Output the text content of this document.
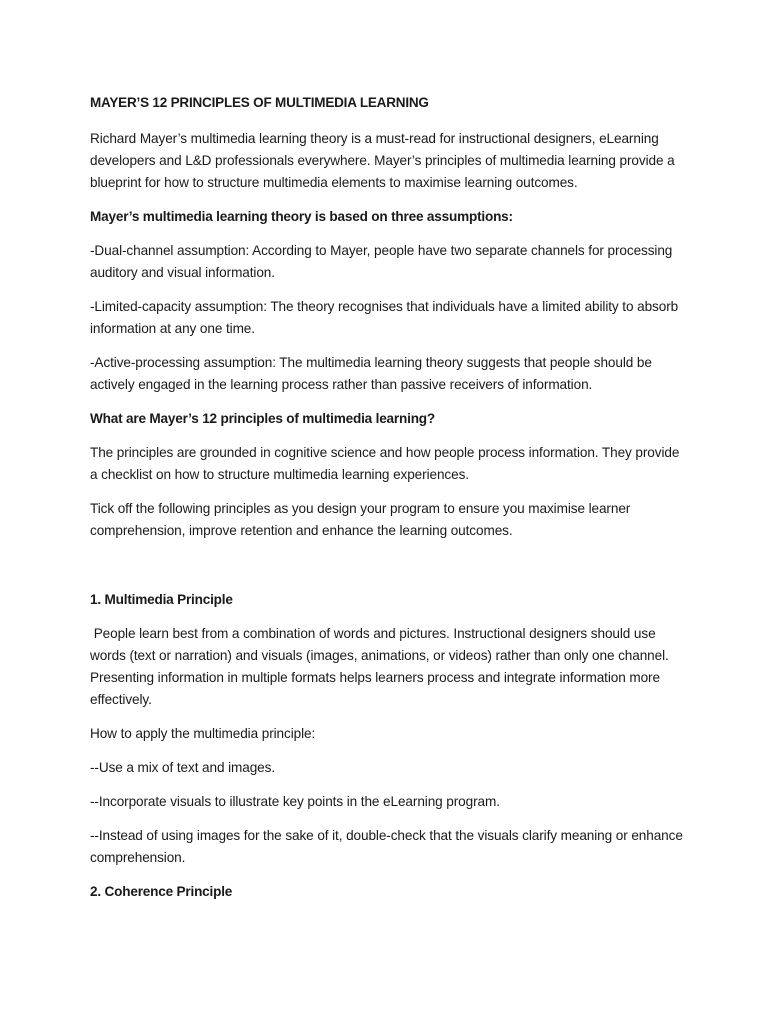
MAYER’S 12 PRINCIPLES OF MULTIMEDIA LEARNING
Richard Mayer’s multimedia learning theory is a must-read for instructional designers, eLearning developers and L&D professionals everywhere. Mayer’s principles of multimedia learning provide a blueprint for how to structure multimedia elements to maximise learning outcomes.
Mayer’s multimedia learning theory is based on three assumptions:
-Dual-channel assumption: According to Mayer, people have two separate channels for processing auditory and visual information.
-Limited-capacity assumption: The theory recognises that individuals have a limited ability to absorb information at any one time.
-Active-processing assumption: The multimedia learning theory suggests that people should be actively engaged in the learning process rather than passive receivers of information.
What are Mayer’s 12 principles of multimedia learning?
The principles are grounded in cognitive science and how people process information. They provide a checklist on how to structure multimedia learning experiences.
Tick off the following principles as you design your program to ensure you maximise learner comprehension, improve retention and enhance the learning outcomes.
1. Multimedia Principle
People learn best from a combination of words and pictures. Instructional designers should use words (text or narration) and visuals (images, animations, or videos) rather than only one channel. Presenting information in multiple formats helps learners process and integrate information more effectively.
How to apply the multimedia principle:
--Use a mix of text and images.
--Incorporate visuals to illustrate key points in the eLearning program.
--Instead of using images for the sake of it, double-check that the visuals clarify meaning or enhance comprehension.
2. Coherence Principle
